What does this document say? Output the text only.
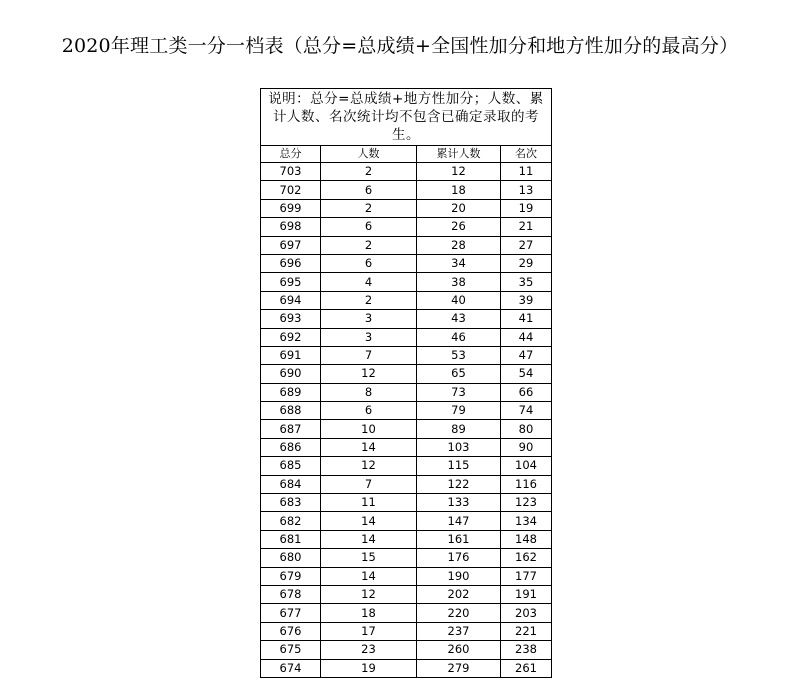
2020年理工类一分一档表（总分=总成绩+全国性加分和地方性加分的最高分）
说明：总分=总成绩+地方性加分；人数、累计人数、名次统计均不包含已确定录取的考生。			
总分	人数	累计人数	名次
703	2	12	11
702	6	18	13
699	2	20	19
698	6	26	21
697	2	28	27
696	6	34	29
695	4	38	35
694	2	40	39
693	3	43	41
692	3	46	44
691	7	53	47
690	12	65	54
689	8	73	66
688	6	79	74
687	10	89	80
686	14	103	90
685	12	115	104
684	7	122	116
683	11	133	123
682	14	147	134
681	14	161	148
680	15	176	162
679	14	190	177
678	12	202	191
677	18	220	203
676	17	237	221
675	23	260	238
674	19	279	261
